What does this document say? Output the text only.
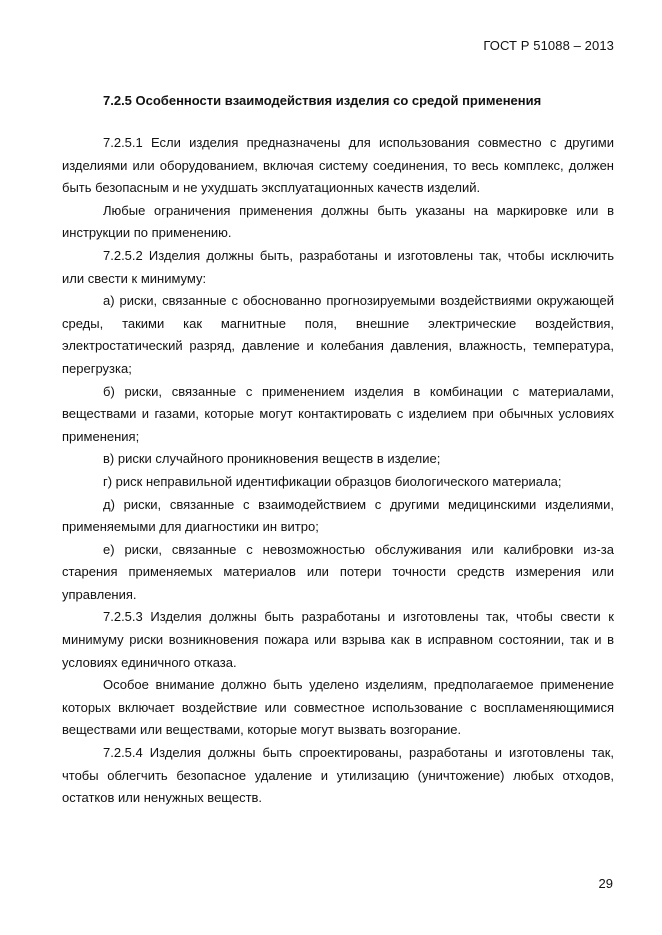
ГОСТ Р 51088 – 2013
7.2.5 Особенности взаимодействия изделия со средой применения

7.2.5.1 Если изделия предназначены для использования совместно с другими изделиями или оборудованием, включая систему соединения, то весь комплекс, должен быть безопасным и не ухудшать эксплуатационных качеств изделий.

Любые ограничения применения должны быть указаны на маркировке или в инструкции по применению.

7.2.5.2 Изделия должны быть, разработаны и изготовлены так, чтобы исключить или свести к минимуму:

а) риски, связанные с обоснованно прогнозируемыми воздействиями окружающей среды, такими как магнитные поля, внешние электрические воздействия, электростатический разряд, давление и колебания давления, влажность, температура, перегрузка;

б) риски, связанные с применением изделия в комбинации с материалами, веществами и газами, которые могут контактировать с изделием при обычных условиях применения;

в) риски случайного проникновения веществ в изделие;

г) риск неправильной идентификации образцов биологического материала;

д) риски, связанные с взаимодействием с другими медицинскими изделиями, применяемыми для диагностики ин витро;

е) риски, связанные с невозможностью обслуживания или калибровки из-за старения применяемых материалов или потери точности средств измерения или управления.

7.2.5.3 Изделия должны быть разработаны и изготовлены так, чтобы свести к минимуму риски возникновения пожара или взрыва как в исправном состоянии, так и в условиях единичного отказа.

Особое внимание должно быть уделено изделиям, предполагаемое применение которых включает воздействие или совместное использование с воспламеняющимися веществами или веществами, которые могут вызвать возгорание.

7.2.5.4 Изделия должны быть спроектированы, разработаны и изготовлены так, чтобы облегчить безопасное удаление и утилизацию (уничтожение) любых отходов, остатков или ненужных веществ.

29
